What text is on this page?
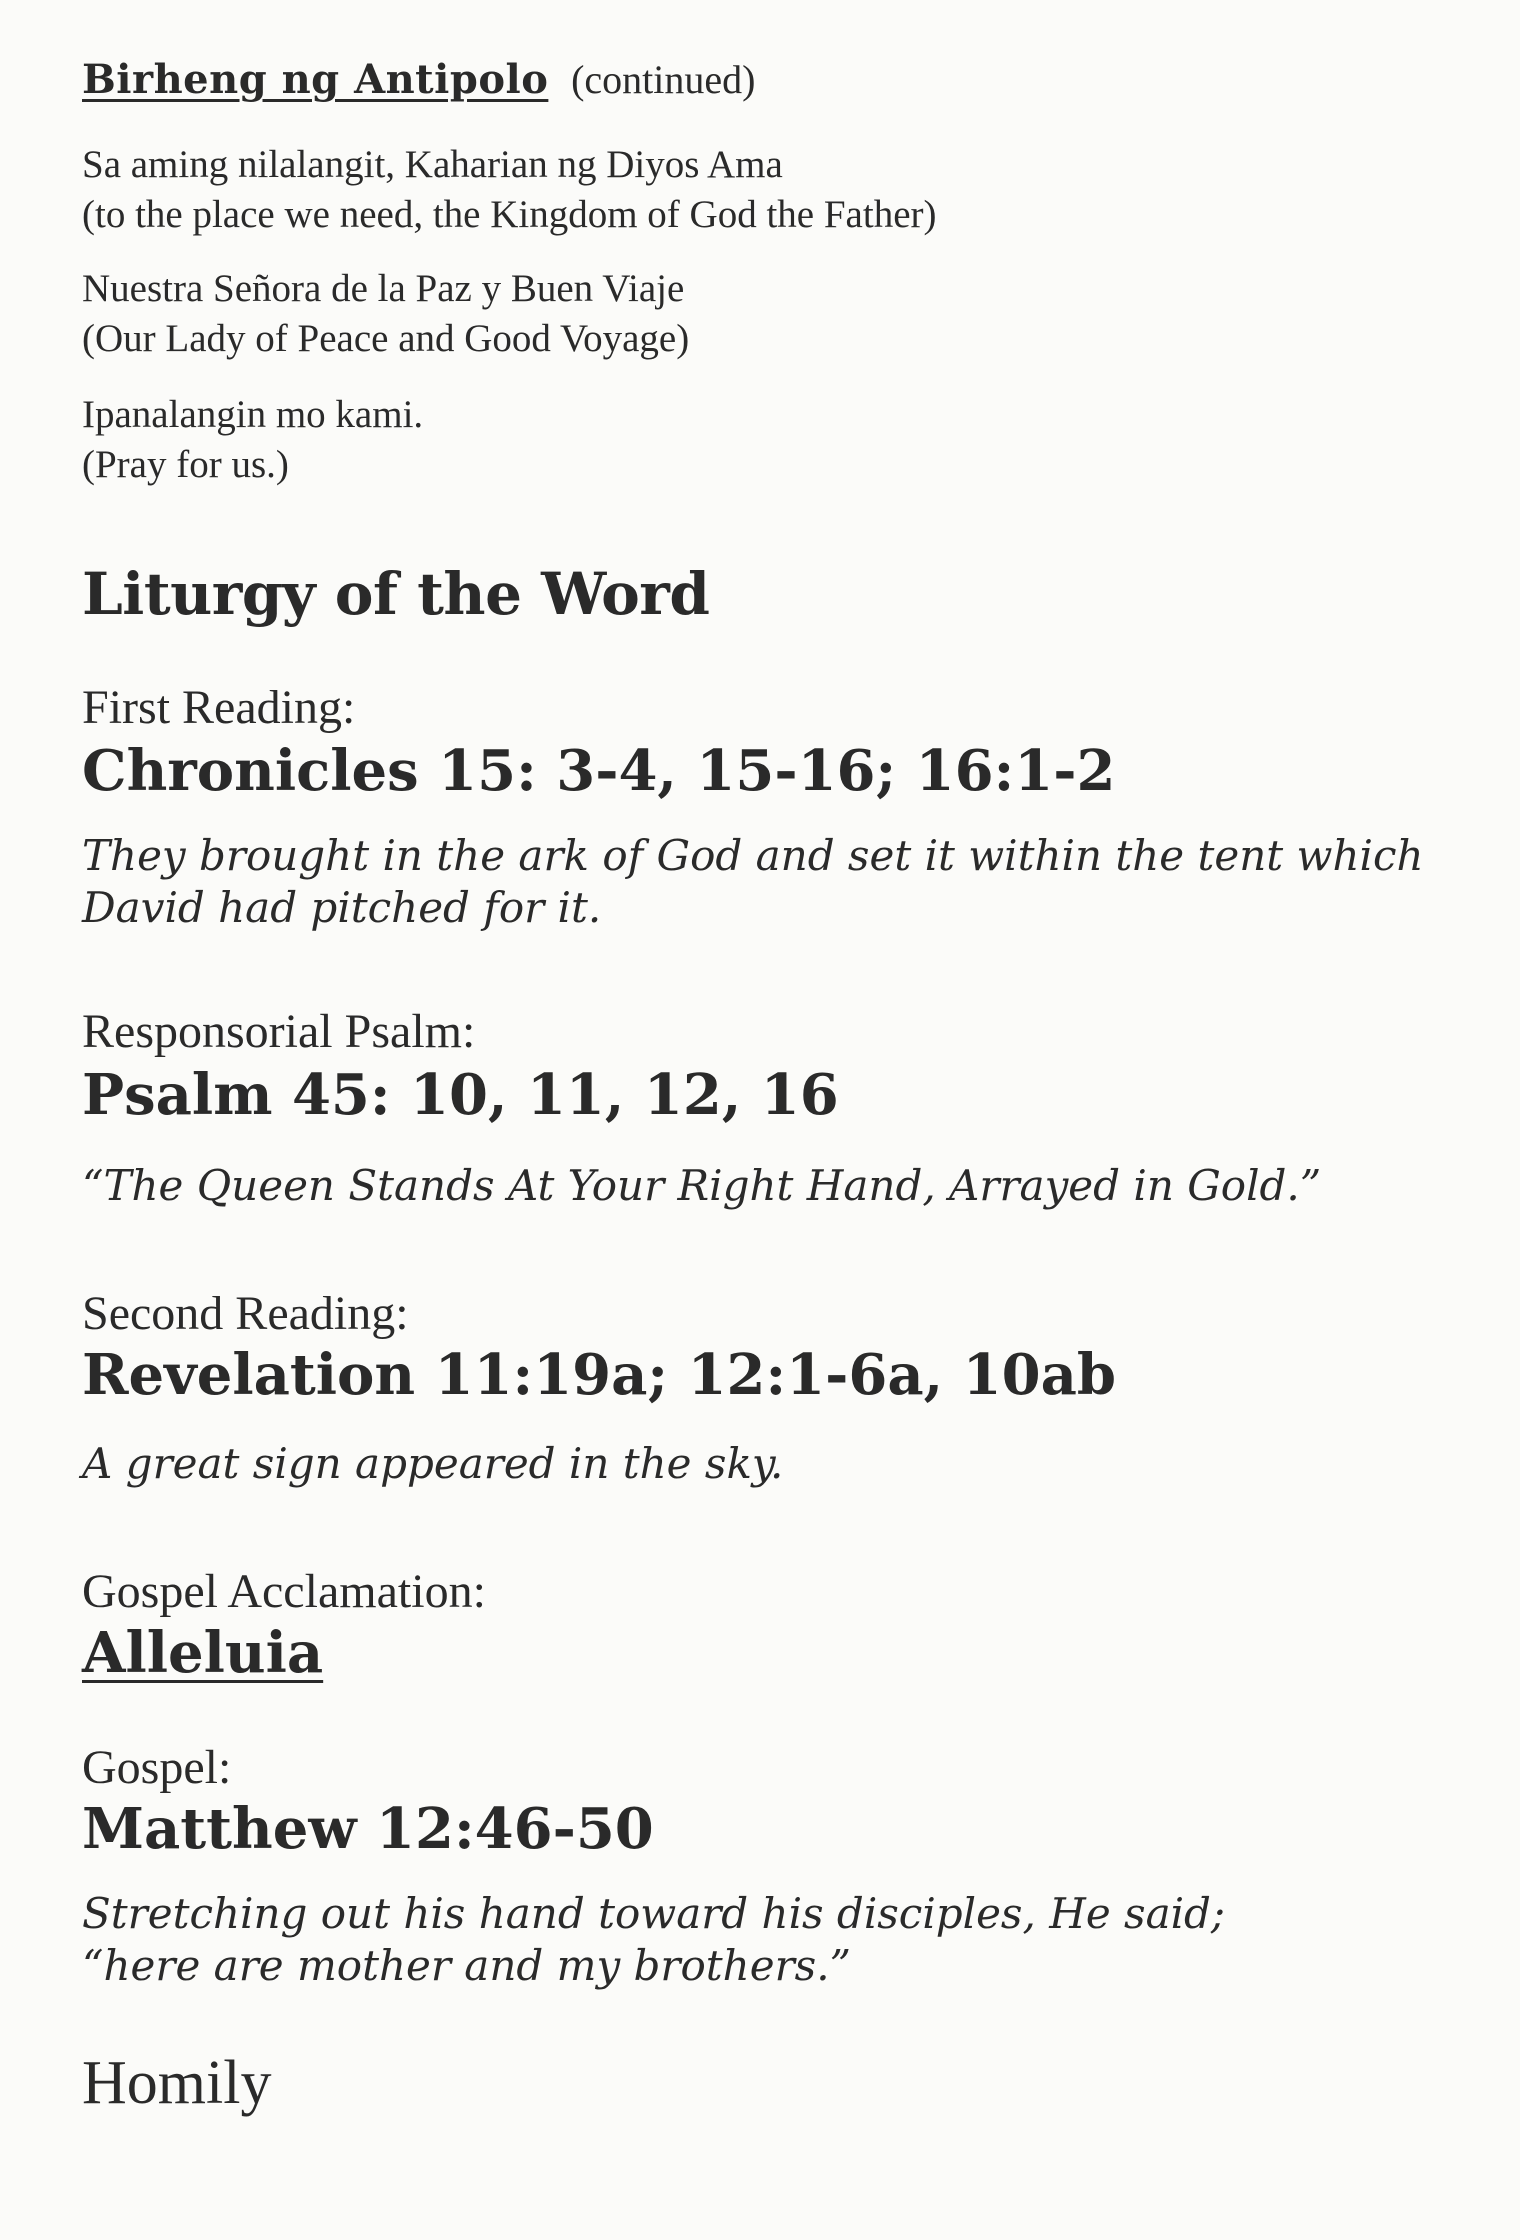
Birheng ng Antipolo (continued)
Sa aming nilalangit, Kaharian ng Diyos Ama
(to the place we need, the Kingdom of God the Father)
Nuestra Señora de la Paz y Buen Viaje
(Our Lady of Peace and Good Voyage)
Ipanalangin mo kami.
(Pray for us.)
Liturgy of the Word
First Reading:
Chronicles 15: 3-4, 15-16; 16:1-2
They brought in the ark of God and set it within the tent which
David had pitched for it.
Responsorial Psalm:
Psalm 45: 10, 11, 12, 16
“The Queen Stands At Your Right Hand, Arrayed in Gold.”
Second Reading:
Revelation 11:19a; 12:1-6a, 10ab
A great sign appeared in the sky.
Gospel Acclamation:
Alleluia
Gospel:
Matthew 12:46-50
Stretching out his hand toward his disciples, He said;
“here are mother and my brothers.”
Homily
